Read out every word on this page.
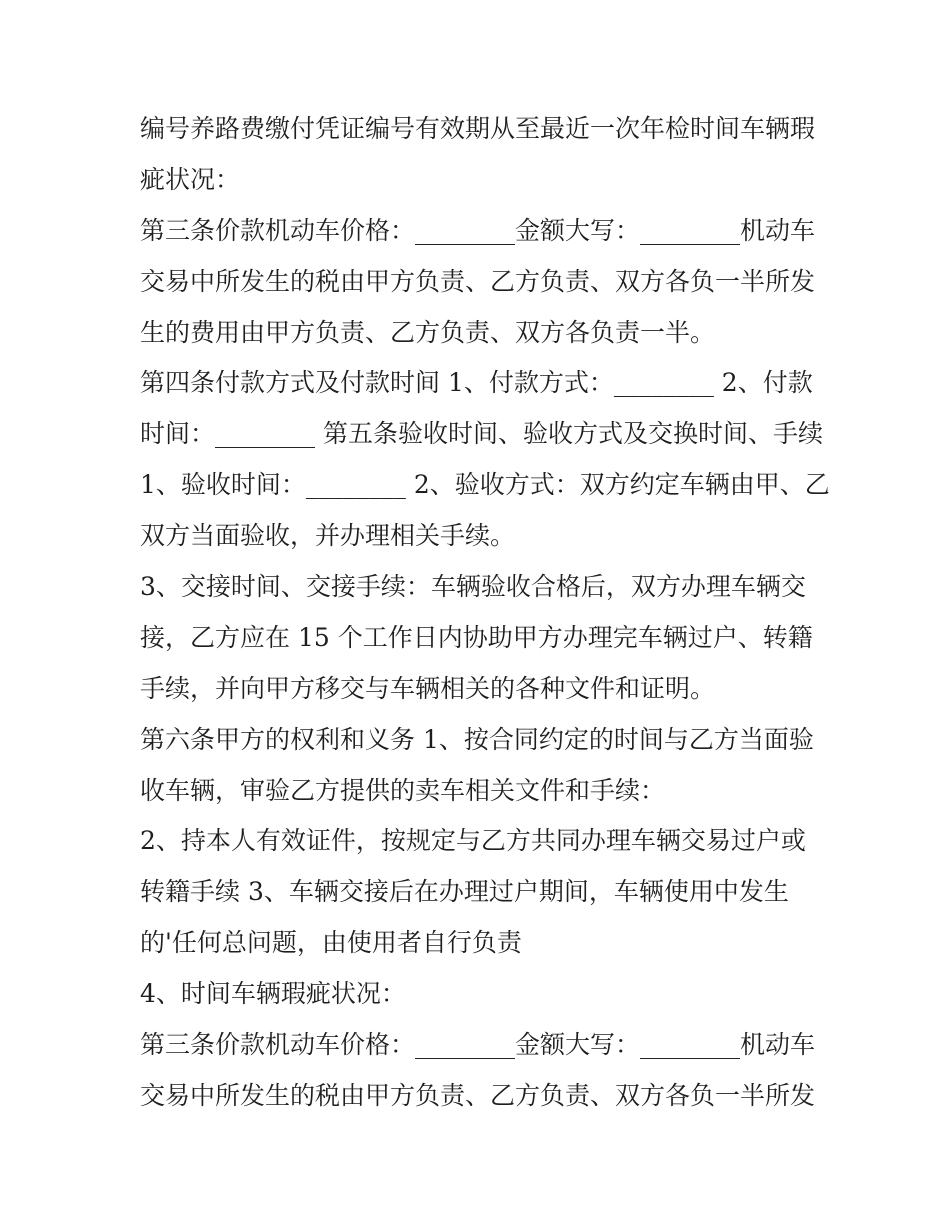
编号养路费缴付凭证编号有效期从至最近一次年检时间车辆瑕
疵状况：
第三条价款机动车价格：________金额大写：________机动车
交易中所发生的税由甲方负责、乙方负责、双方各负一半所发
生的费用由甲方负责、乙方负责、双方各负责一半。
第四条付款方式及付款时间 1、付款方式：________ 2、付款
时间：________ 第五条验收时间、验收方式及交换时间、手续
1、验收时间：________ 2、验收方式：双方约定车辆由甲、乙
双方当面验收，并办理相关手续。
3、交接时间、交接手续：车辆验收合格后，双方办理车辆交
接，乙方应在 15 个工作日内协助甲方办理完车辆过户、转籍
手续，并向甲方移交与车辆相关的各种文件和证明。
第六条甲方的权利和义务 1、按合同约定的时间与乙方当面验
收车辆，审验乙方提供的卖车相关文件和手续：
2、持本人有效证件，按规定与乙方共同办理车辆交易过户或
转籍手续 3、车辆交接后在办理过户期间，车辆使用中发生
的'任何总问题，由使用者自行负责
4、时间车辆瑕疵状况：
第三条价款机动车价格：________金额大写：________机动车
交易中所发生的税由甲方负责、乙方负责、双方各负一半所发
